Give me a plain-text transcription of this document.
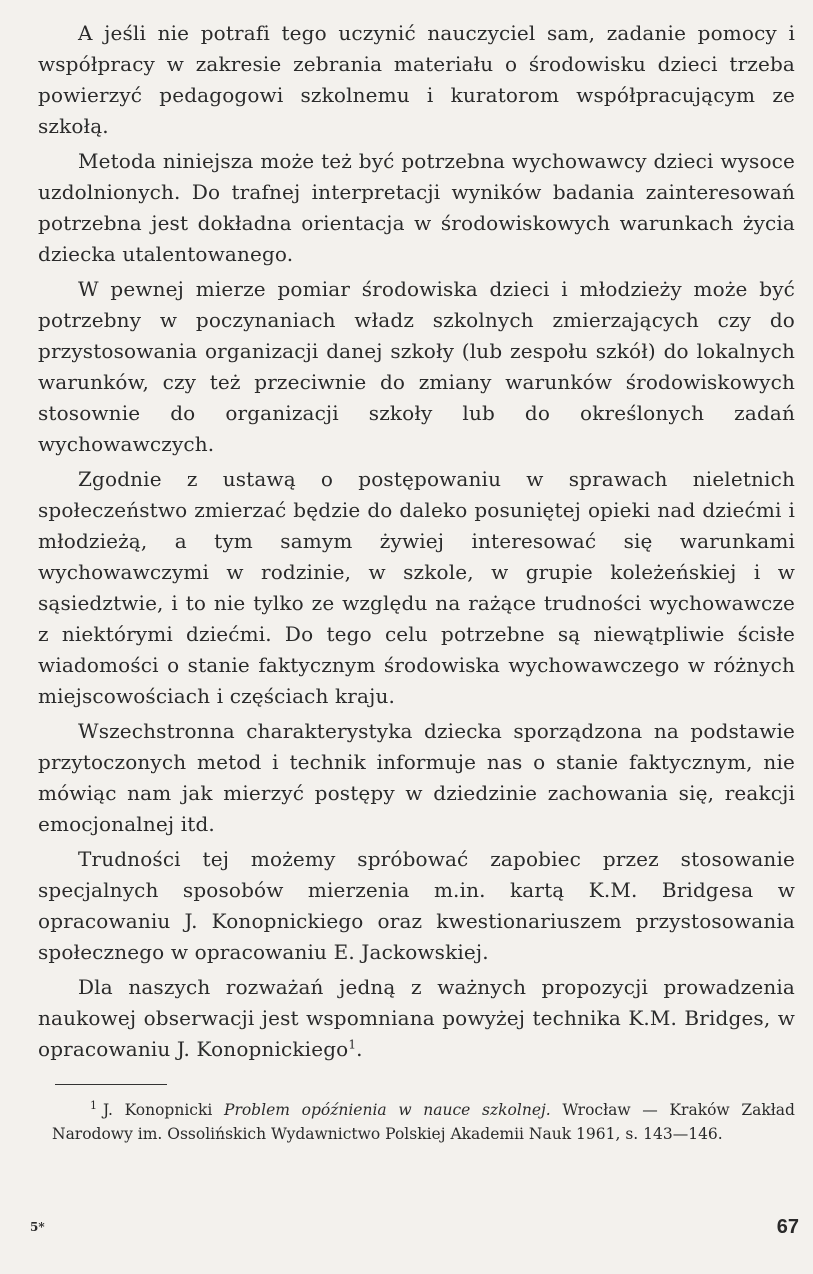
A jeśli nie potrafi tego uczynić nauczyciel sam, zadanie pomocy i współpracy w zakresie zebrania materiału o środowisku dzieci trzeba powierzyć pedagogowi szkolnemu i kuratorom współpracującym ze szkołą.

Metoda niniejsza może też być potrzebna wychowawcy dzieci wysoce uzdolnionych. Do trafnej interpretacji wyników badania zainteresowań potrzebna jest dokładna orientacja w środowiskowych warunkach życia dziecka utalentowanego.

W pewnej mierze pomiar środowiska dzieci i młodzieży może być potrzebny w poczynaniach władz szkolnych zmierzających czy do przystosowania organizacji danej szkoły (lub zespołu szkół) do lokalnych warunków, czy też przeciwnie do zmiany warunków środowiskowych stosownie do organizacji szkoły lub do określonych zadań wychowawczych.

Zgodnie z ustawą o postępowaniu w sprawach nieletnich społeczeństwo zmierzać będzie do daleko posuniętej opieki nad dziećmi i młodzieżą, a tym samym żywiej interesować się warunkami wychowawczymi w rodzinie, w szkole, w grupie koleżeńskiej i w sąsiedztwie, i to nie tylko ze względu na rażące trudności wychowawcze z niektórymi dziećmi. Do tego celu potrzebne są niewątpliwie ścisłe wiadomości o stanie faktycznym środowiska wychowawczego w różnych miejscowościach i częściach kraju.

Wszechstronna charakterystyka dziecka sporządzona na podstawie przytoczonych metod i technik informuje nas o stanie faktycznym, nie mówiąc nam jak mierzyć postępy w dziedzinie zachowania się, reakcji emocjonalnej itd.

Trudności tej możemy spróbować zapobiec przez stosowanie specjalnych sposobów mierzenia m.in. kartą K.M. Bridgesa w opracowaniu J. Konopnickiego oraz kwestionariuszem przystosowania społecznego w opracowaniu E. Jackowskiej.

Dla naszych rozważań jedną z ważnych propozycji prowadzenia naukowej obserwacji jest wspomniana powyżej technika K.M. Bridges, w opracowaniu J. Konopnickiego$^1$.

$^1$ J. Konopnicki Problem opóźnienia w nauce szkolnej. Wrocław — Kraków Zakład Narodowy im. Ossolińskich Wydawnictwo Polskiej Akademii Nauk 1961, s. 143—146.

5*	67
